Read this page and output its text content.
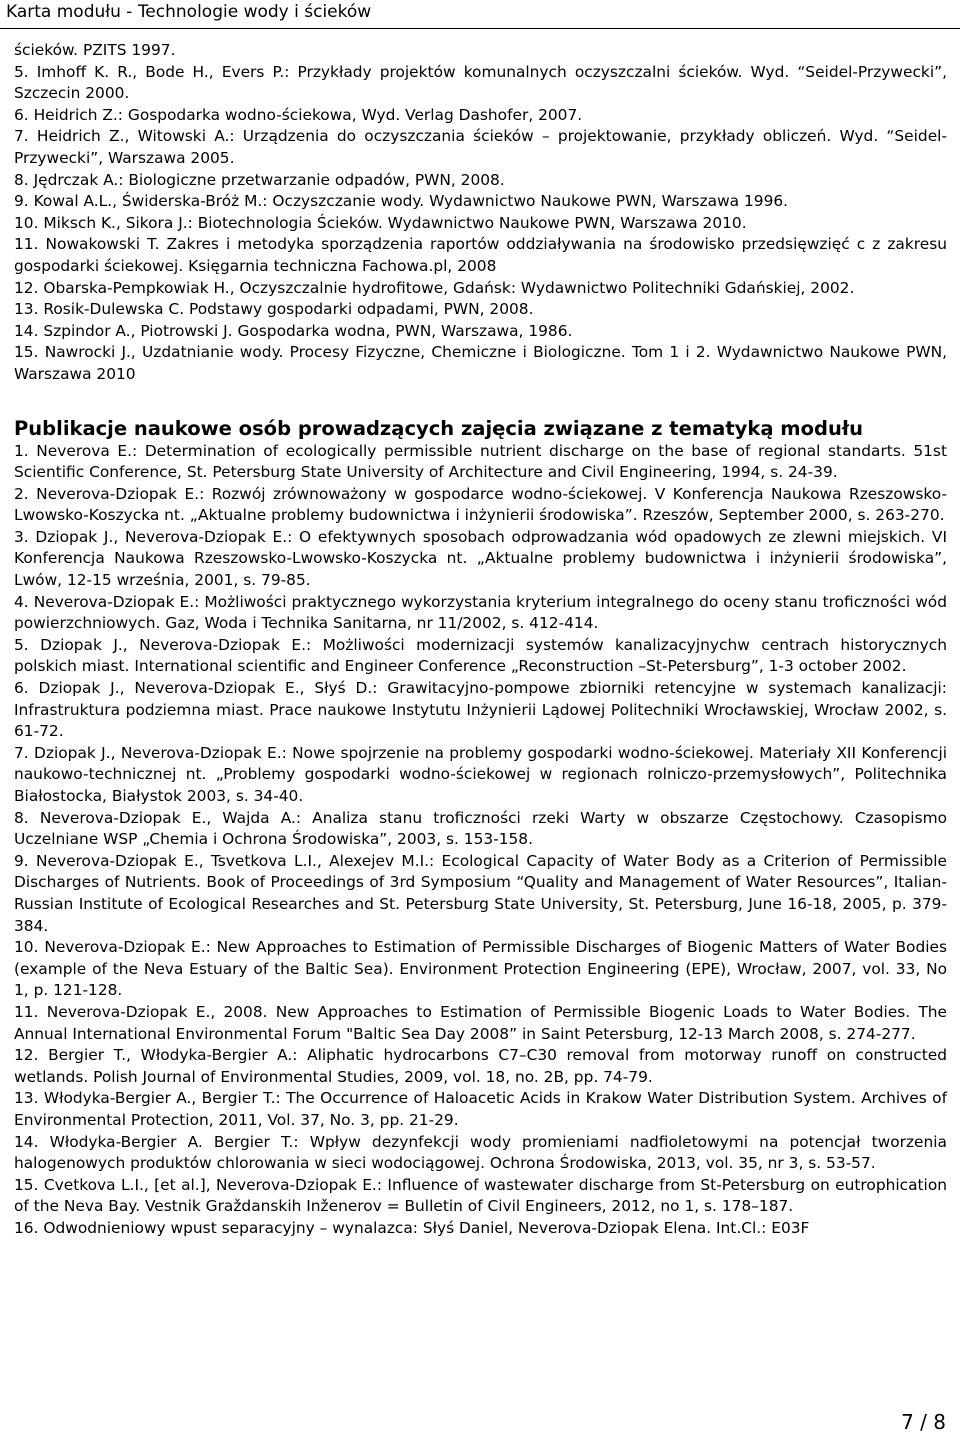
Karta modułu - Technologie wody i ścieków

ścieków. PZITS 1997.

5. Imhoff K. R., Bode H., Evers P.: Przykłady projektów komunalnych oczyszczalni ścieków. Wyd. “Seidel-Przywecki”, Szczecin 2000.

6. Heidrich Z.: Gospodarka wodno-ściekowa, Wyd. Verlag Dashofer, 2007.

7. Heidrich Z., Witowski A.: Urządzenia do oczyszczania ścieków – projektowanie, przykłady obliczeń. Wyd. “Seidel-Przywecki”, Warszawa 2005.

8. Jędrczak A.: Biologiczne przetwarzanie odpadów, PWN, 2008.

9. Kowal A.L., Świderska-Bróż M.: Oczyszczanie wody. Wydawnictwo Naukowe PWN, Warszawa 1996.

10. Miksch K., Sikora J.: Biotechnologia Ścieków. Wydawnictwo Naukowe PWN, Warszawa 2010.

11. Nowakowski T. Zakres i metodyka sporządzenia raportów oddziaływania na środowisko przedsięwzięć c z zakresu gospodarki ściekowej. Księgarnia techniczna Fachowa.pl, 2008

12. Obarska-Pempkowiak H., Oczyszczalnie hydrofitowe, Gdańsk: Wydawnictwo Politechniki Gdańskiej, 2002.

13. Rosik-Dulewska C. Podstawy gospodarki odpadami, PWN, 2008.

14. Szpindor A., Piotrowski J. Gospodarka wodna, PWN, Warszawa, 1986.

15. Nawrocki J., Uzdatnianie wody. Procesy Fizyczne, Chemiczne i Biologiczne. Tom 1 i 2. Wydawnictwo Naukowe PWN, Warszawa 2010

Publikacje naukowe osób prowadzących zajęcia związane z tematyką modułu

1. Neverova E.: Determination of ecologically permissible nutrient discharge on the base of regional standarts. 51st Scientific Conference, St. Petersburg State University of Architecture and Civil Engineering, 1994, s. 24-39.

2. Neverova-Dziopak E.: Rozwój zrównoważony w gospodarce wodno-ściekowej. V Konferencja Naukowa Rzeszowsko-Lwowsko-Koszycka nt. „Aktualne problemy budownictwa i inżynierii środowiska”. Rzeszów, September 2000, s. 263-270.

3. Dziopak J., Neverova-Dziopak E.: O efektywnych sposobach odprowadzania wód opadowych ze zlewni miejskich. VI Konferencja Naukowa Rzeszowsko-Lwowsko-Koszycka nt. „Aktualne problemy budownictwa i inżynierii środowiska”, Lwów, 12-15 września, 2001, s. 79-85.

4. Neverova-Dziopak E.: Możliwości praktycznego wykorzystania kryterium integralnego do oceny stanu troficzności wód powierzchniowych. Gaz, Woda i Technika Sanitarna, nr 11/2002, s. 412-414.

5. Dziopak J., Neverova-Dziopak E.: Możliwości modernizacji systemów kanalizacyjnychw centrach historycznych polskich miast. International scientific and Engineer Conference „Reconstruction –St-Petersburg”, 1-3 october 2002.

6. Dziopak J., Neverova-Dziopak E., Słyś D.: Grawitacyjno-pompowe zbiorniki retencyjne w systemach kanalizacji: Infrastruktura podziemna miast. Prace naukowe Instytutu Inżynierii Lądowej Politechniki Wrocławskiej, Wrocław 2002, s. 61-72.

7. Dziopak J., Neverova-Dziopak E.: Nowe spojrzenie na problemy gospodarki wodno-ściekowej. Materiały XII Konferencji naukowo-technicznej nt. „Problemy gospodarki wodno-ściekowej w regionach rolniczo-przemysłowych”, Politechnika Białostocka, Białystok 2003, s. 34-40.

8. Neverova-Dziopak E., Wajda A.: Analiza stanu troficzności rzeki Warty w obszarze Częstochowy. Czasopismo Uczelniane WSP „Chemia i Ochrona Środowiska”, 2003, s. 153-158.

9. Neverova-Dziopak E., Tsvetkova L.I., Alexejev M.I.: Ecological Capacity of Water Body as a Criterion of Permissible Discharges of Nutrients. Book of Proceedings of 3rd Symposium “Quality and Management of Water Resources”, Italian-Russian Institute of Ecological Researches and St. Petersburg State University, St. Petersburg, June 16-18, 2005, p. 379-384.

10. Neverova-Dziopak E.: New Approaches to Estimation of Permissible Discharges of Biogenic Matters of Water Bodies (example of the Neva Estuary of the Baltic Sea). Environment Protection Engineering (EPE), Wrocław, 2007, vol. 33, No 1, p. 121-128.

11. Neverova-Dziopak E., 2008. New Approaches to Estimation of Permissible Biogenic Loads to Water Bodies. The Annual International Environmental Forum "Baltic Sea Day 2008” in Saint Petersburg, 12-13 March 2008, s. 274-277.

12. Bergier T., Włodyka-Bergier A.: Aliphatic hydrocarbons C7–C30 removal from motorway runoff on constructed wetlands. Polish Journal of Environmental Studies, 2009, vol. 18, no. 2B, pp. 74-79.

13. Włodyka-Bergier A., Bergier T.: The Occurrence of Haloacetic Acids in Krakow Water Distribution System. Archives of Environmental Protection, 2011, Vol. 37, No. 3, pp. 21-29.

14. Włodyka-Bergier A. Bergier T.: Wpływ dezynfekcji wody promieniami nadfioletowymi na potencjał tworzenia halogenowych produktów chlorowania w sieci wodociągowej. Ochrona Środowiska, 2013, vol. 35, nr 3, s. 53-57.

15. Cvetkova L.I., [et al.], Neverova-Dziopak E.: Influence of wastewater discharge from St-Petersburg on eutrophication of the Neva Bay. Vestnik Graždanskih Inženerov = Bulletin of Civil Engineers, 2012, no 1, s. 178–187.

16. Odwodnieniowy wpust separacyjny – wynalazca: Słyś Daniel, Neverova-Dziopak Elena. Int.Cl.: E03F

7 / 8
